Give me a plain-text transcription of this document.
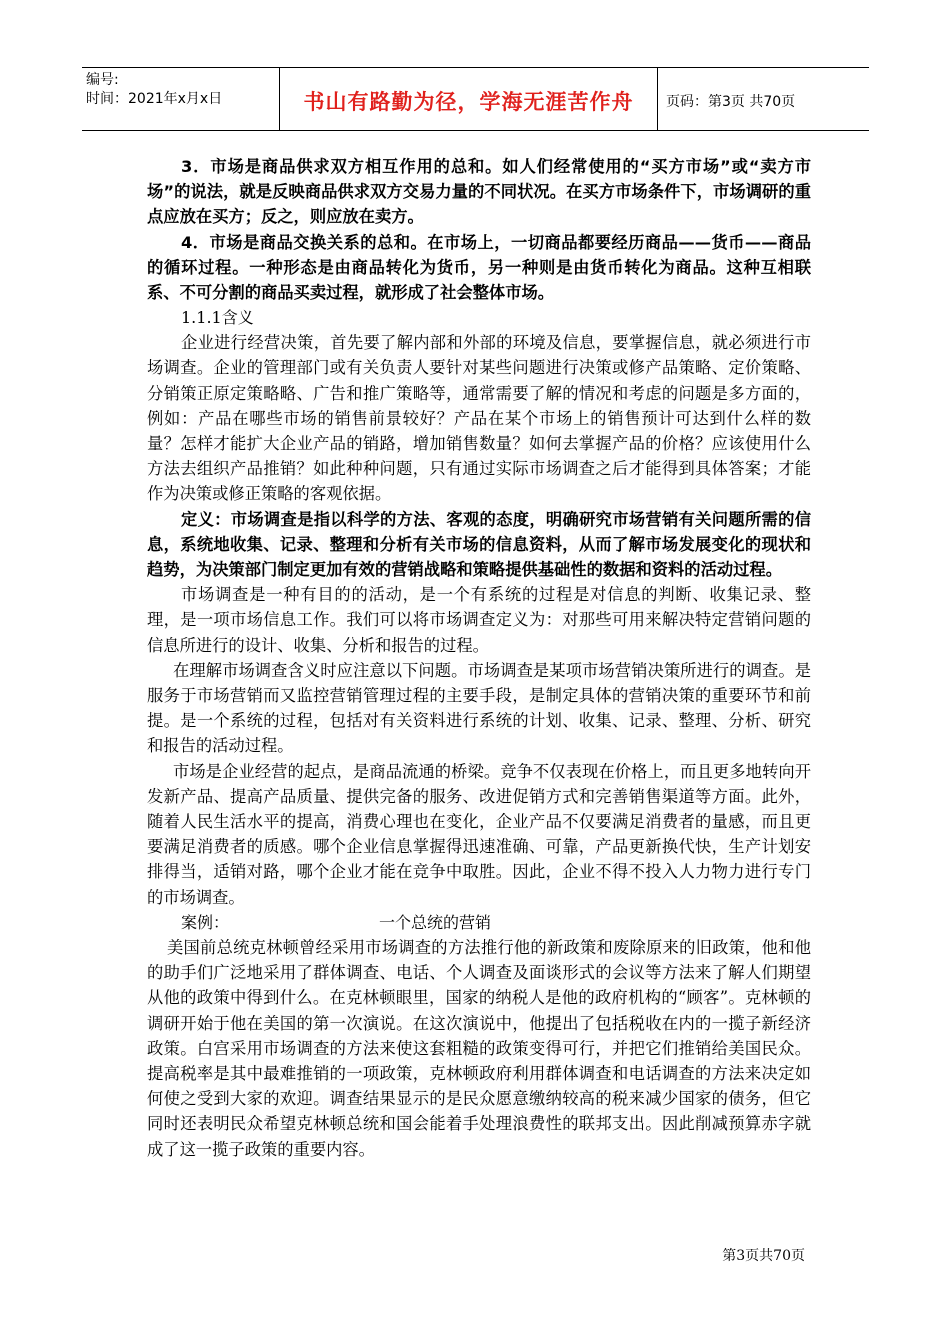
编号:
时间：2021年x月x日	书山有路勤为径，学海无涯苦作舟	页码：第3页 共70页

3．市场是商品供求双方相互作用的总和。如人们经常使用的“买方市场”或“卖方市场”的说法，就是反映商品供求双方交易力量的不同状况。在买方市场条件下，市场调研的重点应放在买方；反之，则应放在卖方。

4．市场是商品交换关系的总和。在市场上，一切商品都要经历商品——货币——商品的循环过程。一种形态是由商品转化为货币，另一种则是由货币转化为商品。这种互相联系、不可分割的商品买卖过程，就形成了社会整体市场。

1.1.1含义

企业进行经营决策，首先要了解内部和外部的环境及信息，要掌握信息，就必须进行市场调查。企业的管理部门或有关负责人要针对某些问题进行决策或修产品策略、定价策略、分销策正原定策略略、广告和推广策略等，通常需要了解的情况和考虑的问题是多方面的，例如：产品在哪些市场的销售前景较好？产品在某个市场上的销售预计可达到什么样的数量？怎样才能扩大企业产品的销路，增加销售数量？如何去掌握产品的价格？应该使用什么方法去组织产品推销？如此种种问题，只有通过实际市场调查之后才能得到具体答案；才能作为决策或修正策略的客观依据。

定义：市场调查是指以科学的方法、客观的态度，明确研究市场营销有关问题所需的信息，系统地收集、记录、整理和分析有关市场的信息资料，从而了解市场发展变化的现状和趋势，为决策部门制定更加有效的营销战略和策略提供基础性的数据和资料的活动过程。

市场调查是一种有目的的活动，是一个有系统的过程是对信息的判断、收集记录、整理，是一项市场信息工作。我们可以将市场调查定义为：对那些可用来解决特定营销问题的信息所进行的设计、收集、分析和报告的过程。

在理解市场调查含义时应注意以下问题。市场调查是某项市场营销决策所进行的调查。是服务于市场营销而又监控营销管理过程的主要手段，是制定具体的营销决策的重要环节和前提。是一个系统的过程，包括对有关资料进行系统的计划、收集、记录、整理、分析、研究和报告的活动过程。

市场是企业经营的起点，是商品流通的桥梁。竞争不仅表现在价格上，而且更多地转向开发新产品、提高产品质量、提供完备的服务、改进促销方式和完善销售渠道等方面。此外，随着人民生活水平的提高，消费心理也在变化，企业产品不仅要满足消费者的量感，而且更要满足消费者的质感。哪个企业信息掌握得迅速准确、可靠，产品更新换代快，生产计划安排得当，适销对路，哪个企业才能在竞争中取胜。因此，企业不得不投入人力物力进行专门的市场调查。

案例：	一个总统的营销

美国前总统克林顿曾经采用市场调查的方法推行他的新政策和废除原来的旧政策，他和他的助手们广泛地采用了群体调查、电话、个人调查及面谈形式的会议等方法来了解人们期望从他的政策中得到什么。在克林顿眼里，国家的纳税人是他的政府机构的“顾客”。克林顿的调研开始于他在美国的第一次演说。在这次演说中，他提出了包括税收在内的一揽子新经济政策。白宫采用市场调查的方法来使这套粗糙的政策变得可行，并把它们推销给美国民众。提高税率是其中最难推销的一项政策，克林顿政府利用群体调查和电话调查的方法来决定如何使之受到大家的欢迎。调查结果显示的是民众愿意缴纳较高的税来减少国家的债务，但它同时还表明民众希望克林顿总统和国会能着手处理浪费性的联邦支出。因此削减预算赤字就成了这一揽子政策的重要内容。

第3页共70页
